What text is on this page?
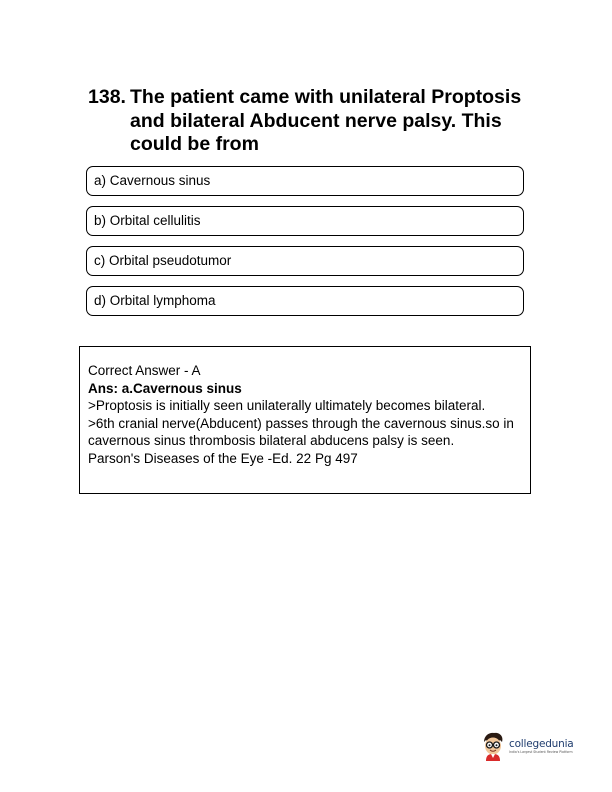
138. The patient came with unilateral Proptosis and bilateral Abducent nerve palsy. This could be from
a) Cavernous sinus
b) Orbital cellulitis
c) Orbital pseudotumor
d) Orbital lymphoma
Correct Answer - A
Ans: a.Cavernous sinus
>Proptosis is initially seen unilaterally ultimately becomes bilateral.
>6th cranial nerve(Abducent) passes through the cavernous sinus.so in cavernous sinus thrombosis bilateral abducens palsy is seen.
Parson's Diseases of the Eye -Ed. 22 Pg 497
collegedunia
India's Largest Student Review Platform
